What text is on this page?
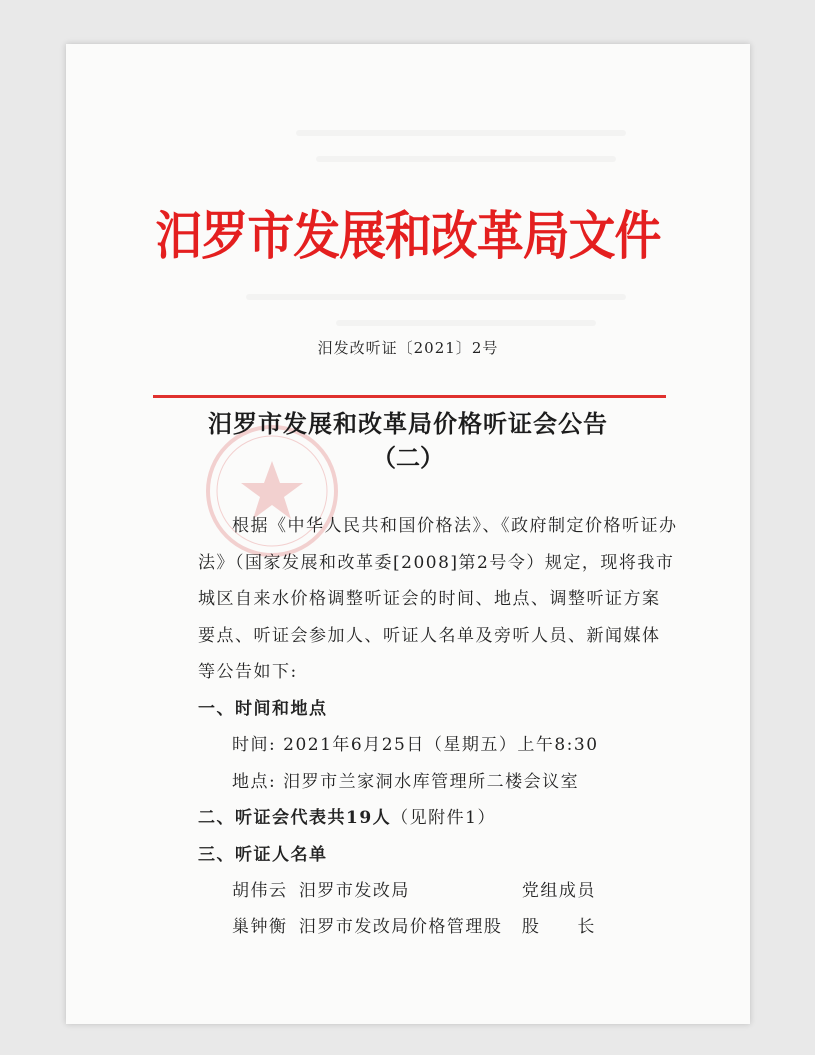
汨罗市发展和改革局文件
汨发改听证〔2021〕2号
汨罗市发展和改革局价格听证会公告
（二）

根据《中华人民共和国价格法》、《政府制定价格听证办法》（国家发展和改革委[2008]第2号令）规定，现将我市城区自来水价格调整听证会的时间、地点、调整听证方案要点、听证会参加人、听证人名单及旁听人员、新闻媒体等公告如下:

一、时间和地点

时间: 2021年6月25日（星期五）上午8:30

地点: 汨罗市兰家洞水库管理所二楼会议室

二、听证会代表共19人（见附件1）

三、听证人名单

胡伟云 汨罗市发改局	党组成员
巢钟衡 汨罗市发改局价格管理股	股　　长
